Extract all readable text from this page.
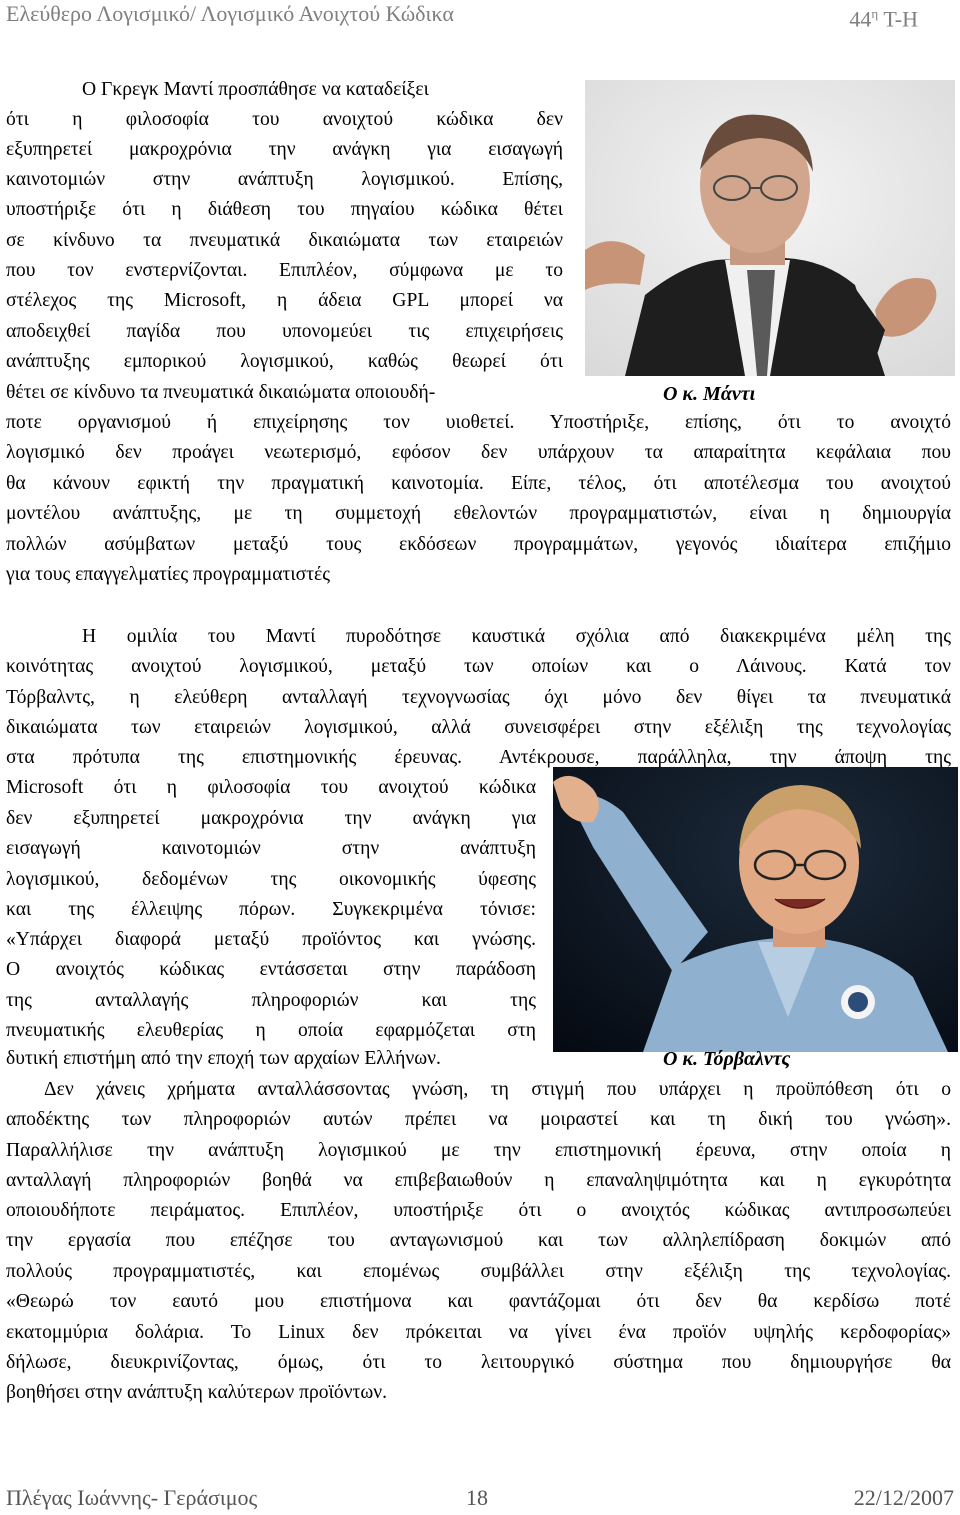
Ελεύθερο Λογισμικό/ Λογισμικό Ανοιχτού Κώδικα	$44^\eta$ Τ-Η
Ο κ. Μάντι
Ο κ. Τόρβαλντς
Ο Γκρεγκ Μαντί προσπάθησε να καταδείξει
ότι η φιλοσοφία του ανοιχτού κώδικα δεν
εξυπηρετεί μακροχρόνια την ανάγκη για εισαγωγή
καινοτομιών στην ανάπτυξη λογισμικού. Επίσης,
υποστήριξε ότι η διάθεση του πηγαίου κώδικα θέτει
σε κίνδυνο τα πνευματικά δικαιώματα των εταιρειών
που τον ενστερνίζονται. Επιπλέον, σύμφωνα με το
στέλεχος της Microsoft, η άδεια GPL μπορεί να
αποδειχθεί παγίδα που υπονομεύει τις επιχειρήσεις
ανάπτυξης εμπορικού λογισμικού, καθώς θεωρεί ότι
θέτει σε κίνδυνο τα πνευματικά δικαιώματα οποιουδή-
ποτε οργανισμού ή επιχείρησης τον υιοθετεί. Υποστήριξε, επίσης, ότι το ανοιχτό
λογισμικό δεν προάγει νεωτερισμό, εφόσον δεν υπάρχουν τα απαραίτητα κεφάλαια που
θα κάνουν εφικτή την πραγματική καινοτομία. Είπε, τέλος, ότι αποτέλεσμα του ανοιχτού
μοντέλου ανάπτυξης, με τη συμμετοχή εθελοντών προγραμματιστών, είναι η δημιουργία
πολλών ασύμβατων μεταξύ τους εκδόσεων προγραμμάτων, γεγονός ιδιαίτερα επιζήμιο
για τους επαγγελματίες προγραμματιστές
Η ομιλία του Μαντί πυροδότησε καυστικά σχόλια από διακεκριμένα μέλη της
κοινότητας ανοιχτού λογισμικού, μεταξύ των οποίων και ο Λάινους. Κατά τον
Τόρβαλντς, η ελεύθερη ανταλλαγή τεχνογνωσίας όχι μόνο δεν θίγει τα πνευματικά
δικαιώματα των εταιρειών λογισμικού, αλλά συνεισφέρει στην εξέλιξη της τεχνολογίας
στα πρότυπα της επιστημονικής έρευνας. Αντέκρουσε, παράλληλα, την άποψη της
Microsoft ότι η φιλοσοφία του ανοιχτού κώδικα
δεν εξυπηρετεί μακροχρόνια την ανάγκη για
εισαγωγή καινοτομιών στην ανάπτυξη
λογισμικού, δεδομένων της οικονομικής ύφεσης
και της έλλειψης πόρων. Συγκεκριμένα τόνισε:
«Υπάρχει διαφορά μεταξύ προϊόντος και γνώσης.
Ο ανοιχτός κώδικας εντάσσεται στην παράδοση
της ανταλλαγής πληροφοριών και της
πνευματικής ελευθερίας η οποία εφαρμόζεται στη
δυτική επιστήμη από την εποχή των αρχαίων Ελλήνων.
Δεν χάνεις χρήματα ανταλλάσσοντας γνώση, τη στιγμή που υπάρχει η προϋπόθεση ότι ο
αποδέκτης των πληροφοριών αυτών πρέπει να μοιραστεί και τη δική του γνώση».
Παραλλήλισε την ανάπτυξη λογισμικού με την επιστημονική έρευνα, στην οποία η
ανταλλαγή πληροφοριών βοηθά να επιβεβαιωθούν η επαναληψιμότητα και η εγκυρότητα
οποιουδήποτε πειράματος. Επιπλέον, υποστήριξε ότι ο ανοιχτός κώδικας αντιπροσωπεύει
την εργασία που επέζησε του ανταγωνισμού και των αλληλεπίδραση δοκιμών από
πολλούς προγραμματιστές, και επομένως συμβάλλει στην εξέλιξη της τεχνολογίας.
«Θεωρώ τον εαυτό μου επιστήμονα και φαντάζομαι ότι δεν θα κερδίσω ποτέ
εκατομμύρια δολάρια. Το Linux δεν πρόκειται να γίνει ένα προϊόν υψηλής κερδοφορίας»
δήλωσε, διευκρινίζοντας, όμως, ότι το λειτουργικό σύστημα που δημιουργήσε θα
βοηθήσει στην ανάπτυξη καλύτερων προϊόντων.
Πλέγας Ιωάννης- Γεράσιμος	18	22/12/2007
